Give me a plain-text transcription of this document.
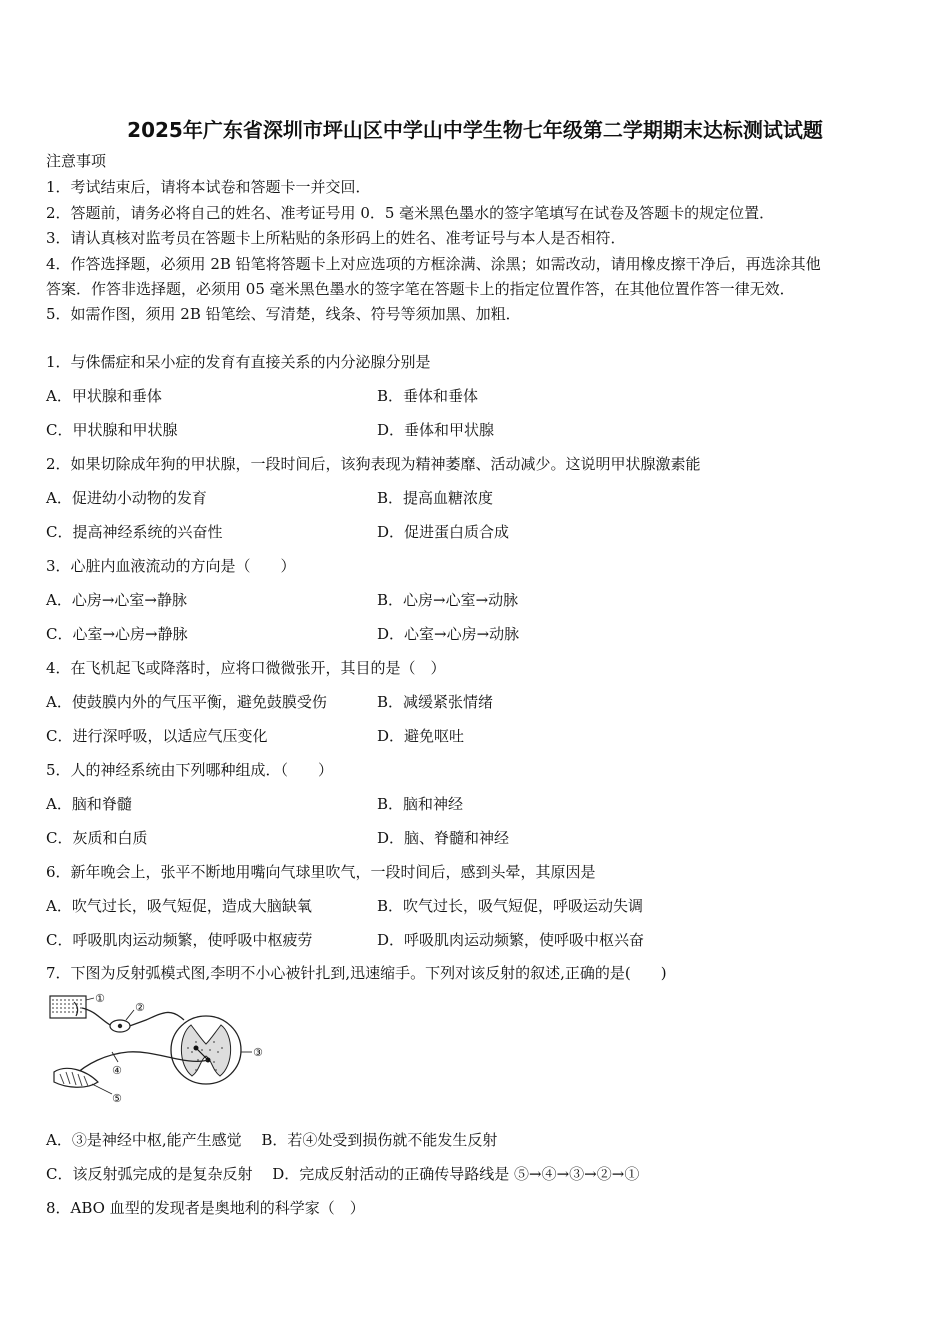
2025年广东省深圳市坪山区中学山中学生物七年级第二学期期末达标测试试题
注意事项
1．考试结束后，请将本试卷和答题卡一并交回．
2．答题前，请务必将自己的姓名、准考证号用 0．5 毫米黑色墨水的签字笔填写在试卷及答题卡的规定位置．
3．请认真核对监考员在答题卡上所粘贴的条形码上的姓名、准考证号与本人是否相符．
4．作答选择题，必须用 2B 铅笔将答题卡上对应选项的方框涂满、涂黑；如需改动，请用橡皮擦干净后，再选涂其他
答案．作答非选择题，必须用 05 毫米黑色墨水的签字笔在答题卡上的指定位置作答，在其他位置作答一律无效．
5．如需作图，须用 2B 铅笔绘、写清楚，线条、符号等须加黑、加粗．
1．与侏儒症和呆小症的发育有直接关系的内分泌腺分别是
A．甲状腺和垂体	B．垂体和垂体
C．甲状腺和甲状腺	D．垂体和甲状腺
2．如果切除成年狗的甲状腺，一段时间后，该狗表现为精神萎靡、活动减少。这说明甲状腺激素能
A．促进幼小动物的发育	B．提高血糖浓度
C．提高神经系统的兴奋性	D．促进蛋白质合成
3．心脏内血液流动的方向是（　　）
A．心房→心室→静脉	B．心房→心室→动脉
C．心室→心房→静脉	D．心室→心房→动脉
4．在飞机起飞或降落时，应将口微微张开，其目的是（　）
A．使鼓膜内外的气压平衡，避免鼓膜受伤	B．减缓紧张情绪
C．进行深呼吸，以适应气压变化	D．避免呕吐
5．人的神经系统由下列哪种组成．（　　）
A．脑和脊髓	B．脑和神经
C．灰质和白质	D．脑、脊髓和神经
6．新年晚会上，张平不断地用嘴向气球里吹气，一段时间后，感到头晕，其原因是
A．吹气过长，吸气短促，造成大脑缺氧	B．吹气过长，吸气短促，呼吸运动失调
C．呼吸肌肉运动频繁，使呼吸中枢疲劳	D．呼吸肌肉运动频繁，使呼吸中枢兴奋
7．下图为反射弧模式图,李明不小心被针扎到,迅速缩手。下列对该反射的叙述,正确的是(　　)
①
②
③
④
⑤
A．③是神经中枢,能产生感觉　 B．若④处受到损伤就不能发生反射
C．该反射弧完成的是复杂反射　 D．完成反射活动的正确传导路线是 ⑤→④→③→②→①
8．ABO 血型的发现者是奥地利的科学家（　）
